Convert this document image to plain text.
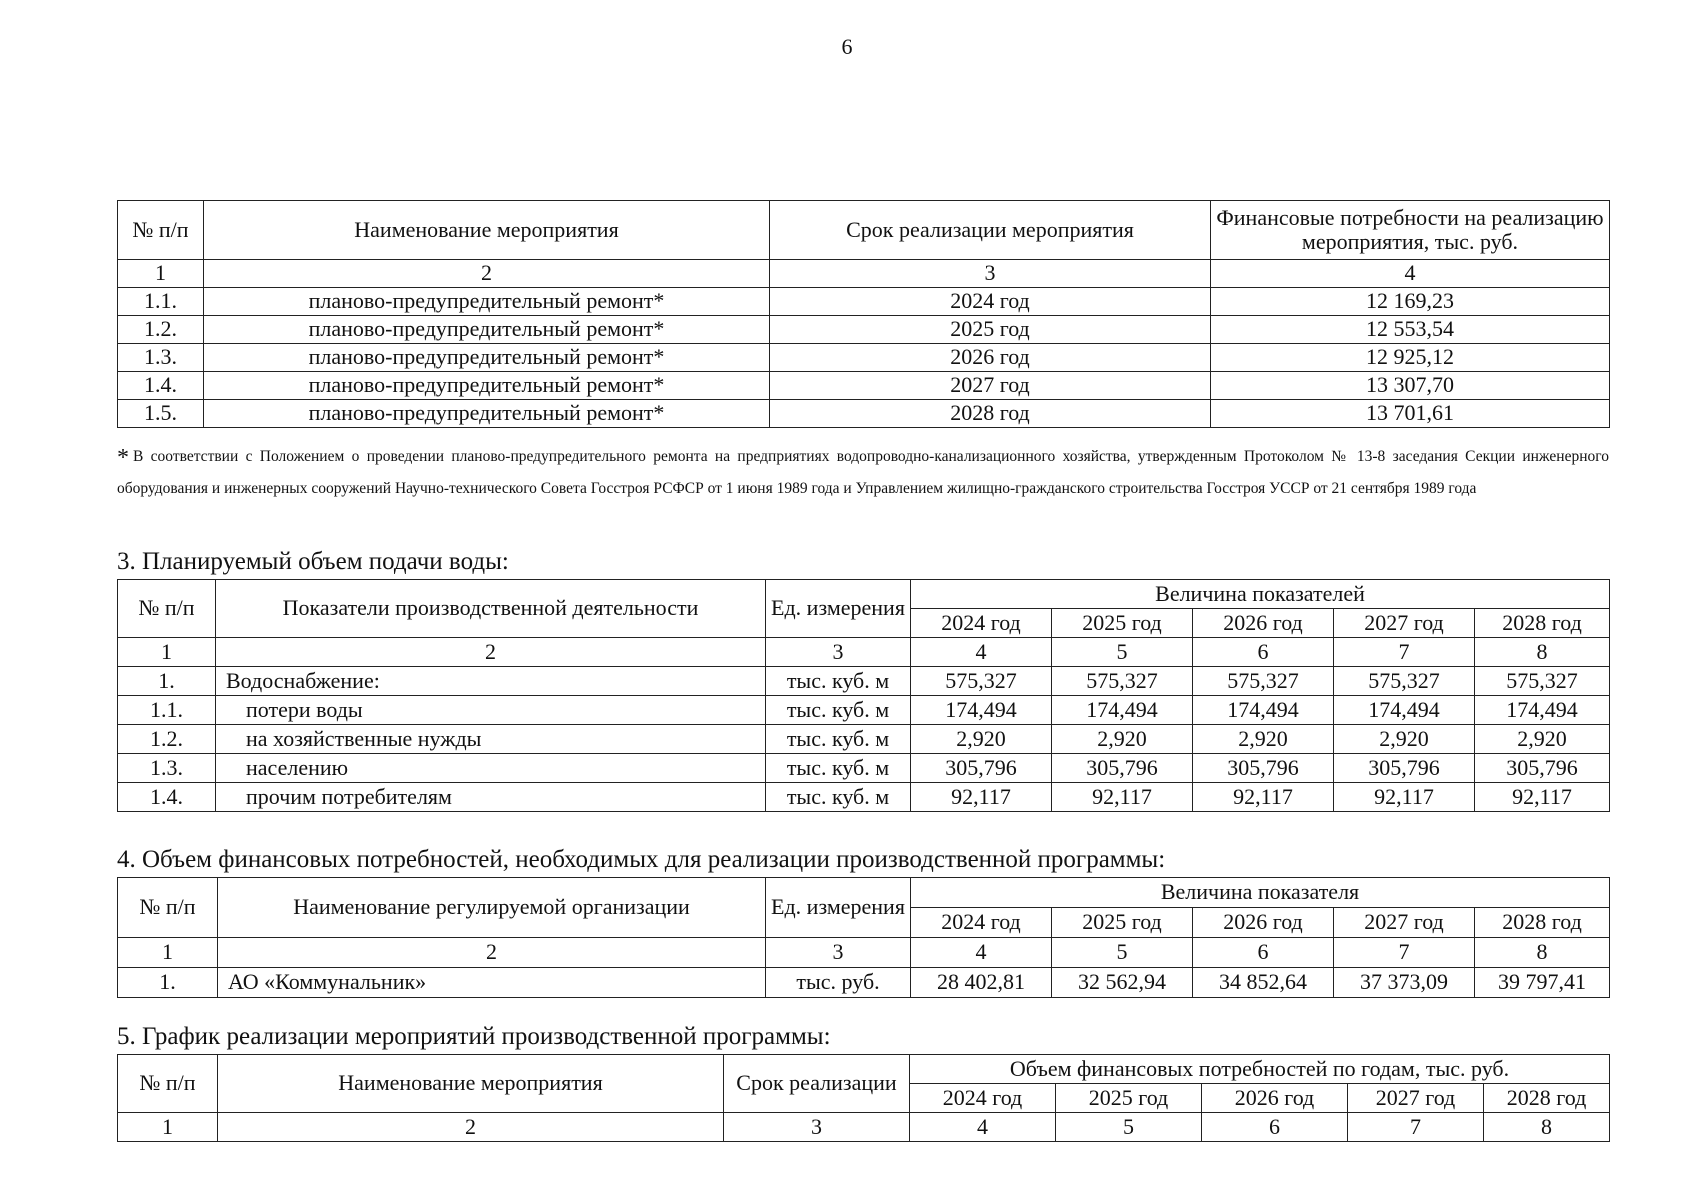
6
№ п/п	Наименование мероприятия	Срок реализации мероприятия	Финансовые потребности на реализацию мероприятия, тыс. руб.
1	2	3	4
1.1.	планово-предупредительный ремонт*	2024 год	12 169,23
1.2.	планово-предупредительный ремонт*	2025 год	12 553,54
1.3.	планово-предупредительный ремонт*	2026 год	12 925,12
1.4.	планово-предупредительный ремонт*	2027 год	13 307,70
1.5.	планово-предупредительный ремонт*	2028 год	13 701,61
* В соответствии с Положением о проведении планово-предупредительного ремонта на предприятиях водопроводно-канализационного хозяйства, утвержденным Протоколом № 13-8 заседания Секции инженерного оборудования и инженерных сооружений Научно-технического Совета Госстроя РСФСР от 1 июня 1989 года и Управлением жилищно-гражданского строительства Госстроя УССР от 21 сентября 1989 года
3. Планируемый объем подачи воды:
№ п/п	Показатели производственной деятельности	Ед. измерения	Величина показателей				
			2024 год	2025 год	2026 год	2027 год	2028 год
1	2	3	4	5	6	7	8
1.	Водоснабжение:	тыс. куб. м	575,327	575,327	575,327	575,327	575,327
1.1.	потери воды	тыс. куб. м	174,494	174,494	174,494	174,494	174,494
1.2.	на хозяйственные нужды	тыс. куб. м	2,920	2,920	2,920	2,920	2,920
1.3.	населению	тыс. куб. м	305,796	305,796	305,796	305,796	305,796
1.4.	прочим потребителям	тыс. куб. м	92,117	92,117	92,117	92,117	92,117
4. Объем финансовых потребностей, необходимых для реализации производственной программы:
№ п/п	Наименование регулируемой организации	Ед. измерения	Величина показателя				
			2024 год	2025 год	2026 год	2027 год	2028 год
1	2	3	4	5	6	7	8
1.	АО «Коммунальник»	тыс. руб.	28 402,81	32 562,94	34 852,64	37 373,09	39 797,41
5. График реализации мероприятий производственной программы:
№ п/п	Наименование мероприятия	Срок реализации	Объем финансовых потребностей по годам, тыс. руб.				
			2024 год	2025 год	2026 год	2027 год	2028 год
1	2	3	4	5	6	7	8
